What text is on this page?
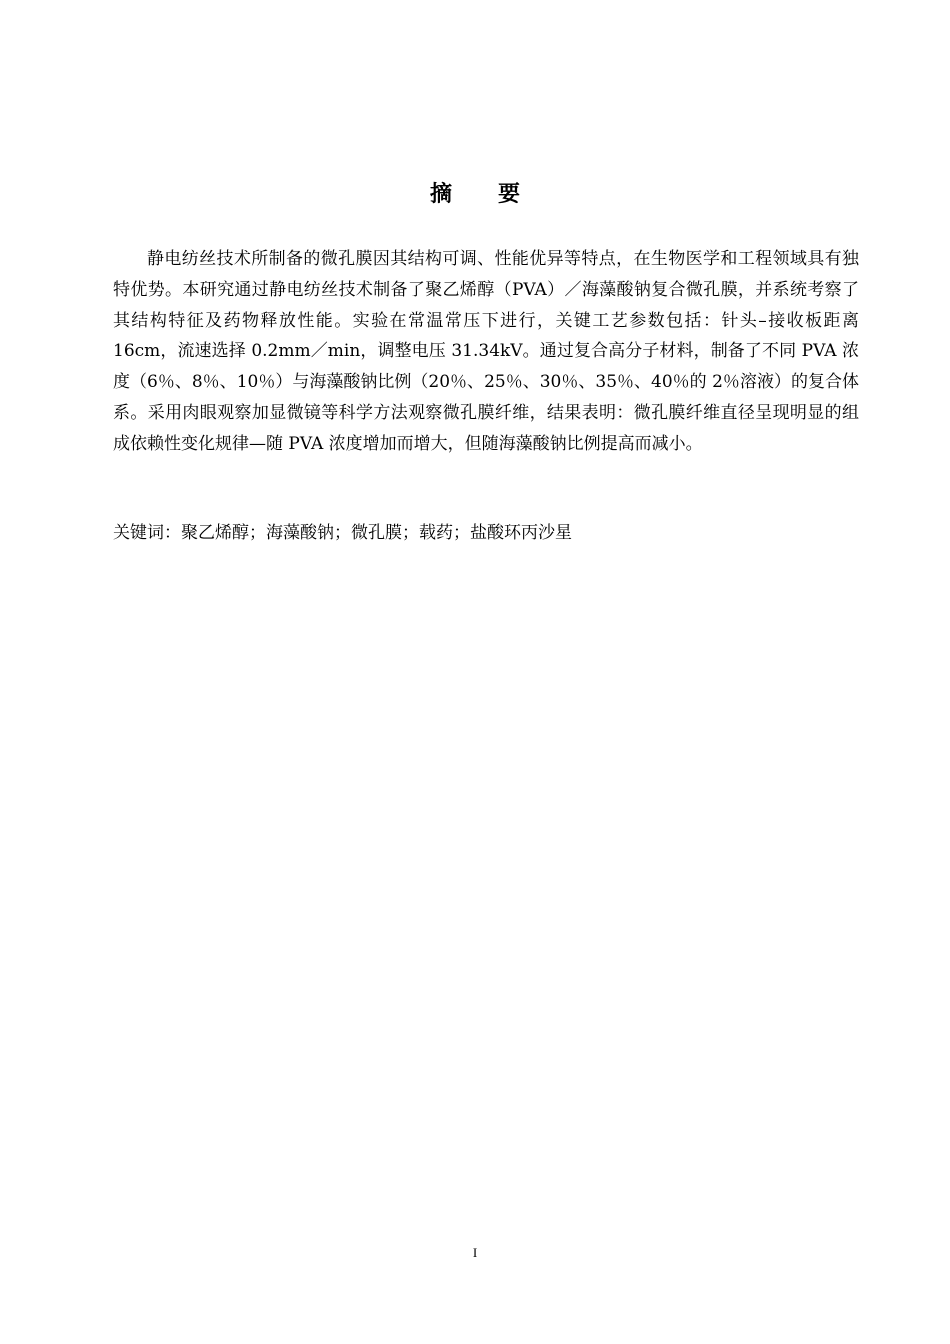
摘 要

静电纺丝技术所制备的微孔膜因其结构可调、性能优异等特点，在生物医学和工程领域具有独特优势。本研究通过静电纺丝技术制备了聚乙烯醇（PVA）／海藻酸钠复合微孔膜，并系统考察了其结构特征及药物释放性能。实验在常温常压下进行，关键工艺参数包括：针头–接收板距离 16cm，流速选择 0.2mm／min，调整电压 31.34kV。通过复合高分子材料，制备了不同 PVA 浓度（6％、8％、10％）与海藻酸钠比例（20％、25％、30％、35％、40％的 2％溶液）的复合体系。采用肉眼观察加显微镜等科学方法观察微孔膜纤维，结果表明：微孔膜纤维直径呈现明显的组成依赖性变化规律—随 PVA 浓度增加而增大，但随海藻酸钠比例提高而减小。

关键词：聚乙烯醇；海藻酸钠；微孔膜；载药；盐酸环丙沙星

I
